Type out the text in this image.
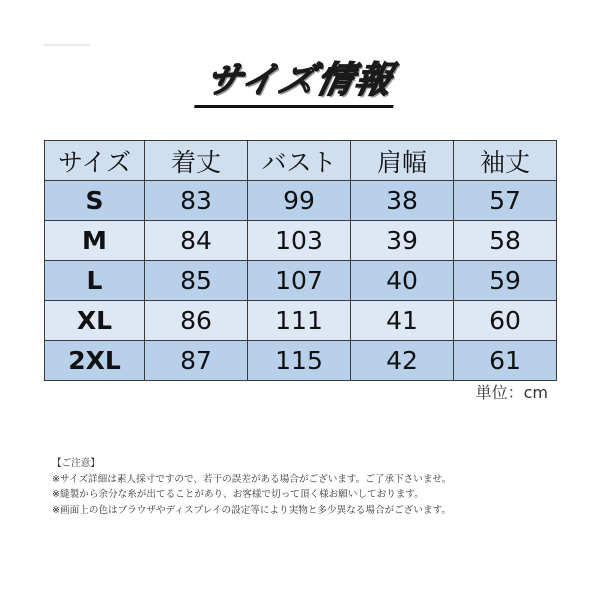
サイズ情報
サイズ	着丈	バスト	肩幅	袖丈
S	83	99	38	57
M	84	103	39	58
L	85	107	40	59
XL	86	111	41	60
2XL	87	115	42	61
単位：cm
【ご注意】
※サイズ詳細は素人採寸ですので、若干の誤差がある場合がございます。ご了承下さいませ。
※縫製から余分な糸が出てることがあり、お客様で切って頂く様お願いしております。
※画面上の色はブラウザやディスプレイの設定等により実物と多少異なる場合がございます。
